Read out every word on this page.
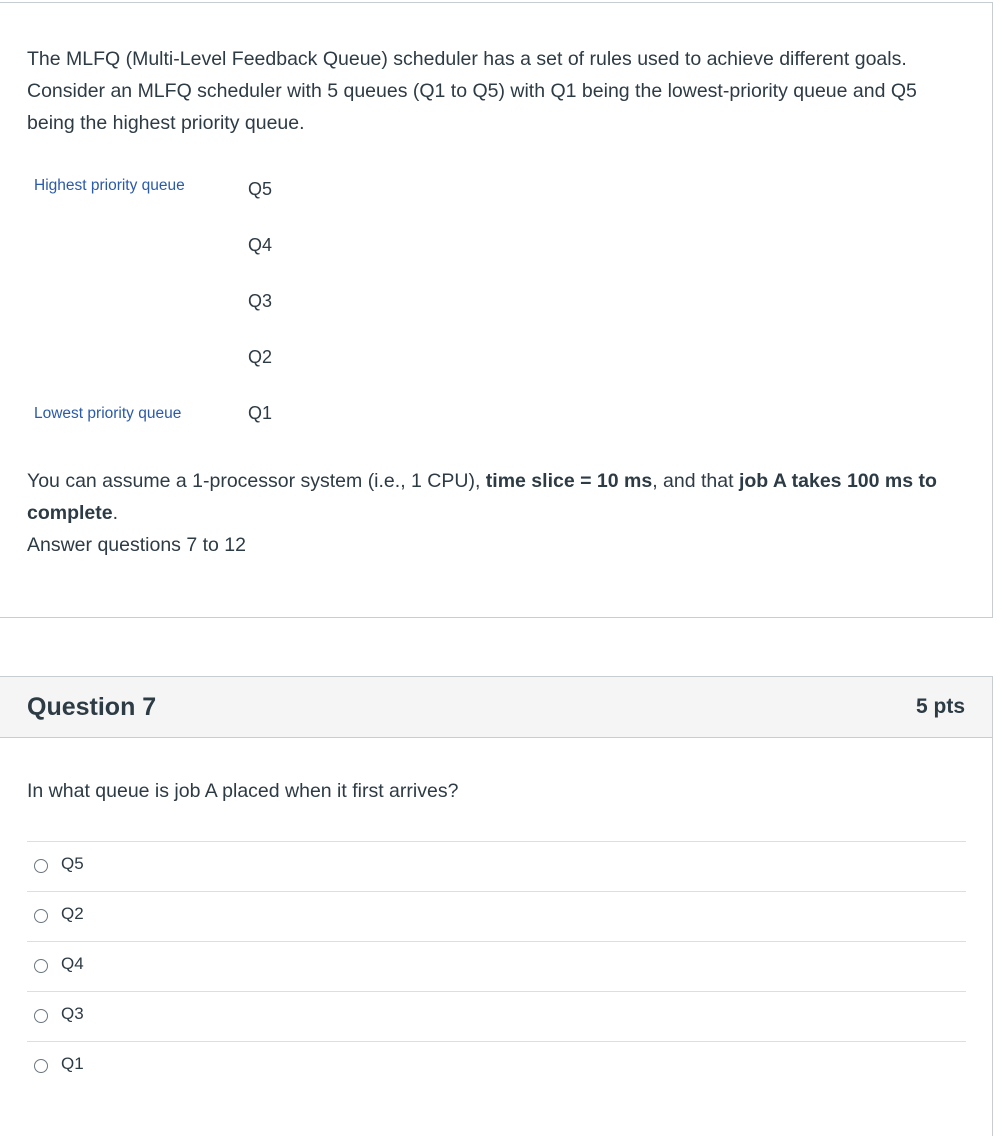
The MLFQ (Multi-Level Feedback Queue) scheduler has a set of rules used to achieve different goals. Consider an MLFQ scheduler with 5 queues (Q1 to Q5) with Q1 being the lowest-priority queue and Q5 being the highest priority queue.

Highest priority queue	Q5
Q4
Q3
Q2
Lowest priority queue	Q1

You can assume a 1-processor system (i.e., 1 CPU), time slice = 10 ms, and that job A takes 100 ms to complete.

Answer questions 7 to 12
Question 7	5 pts
In what queue is job A placed when it first arrives?
Q5
Q2
Q4
Q3
Q1
